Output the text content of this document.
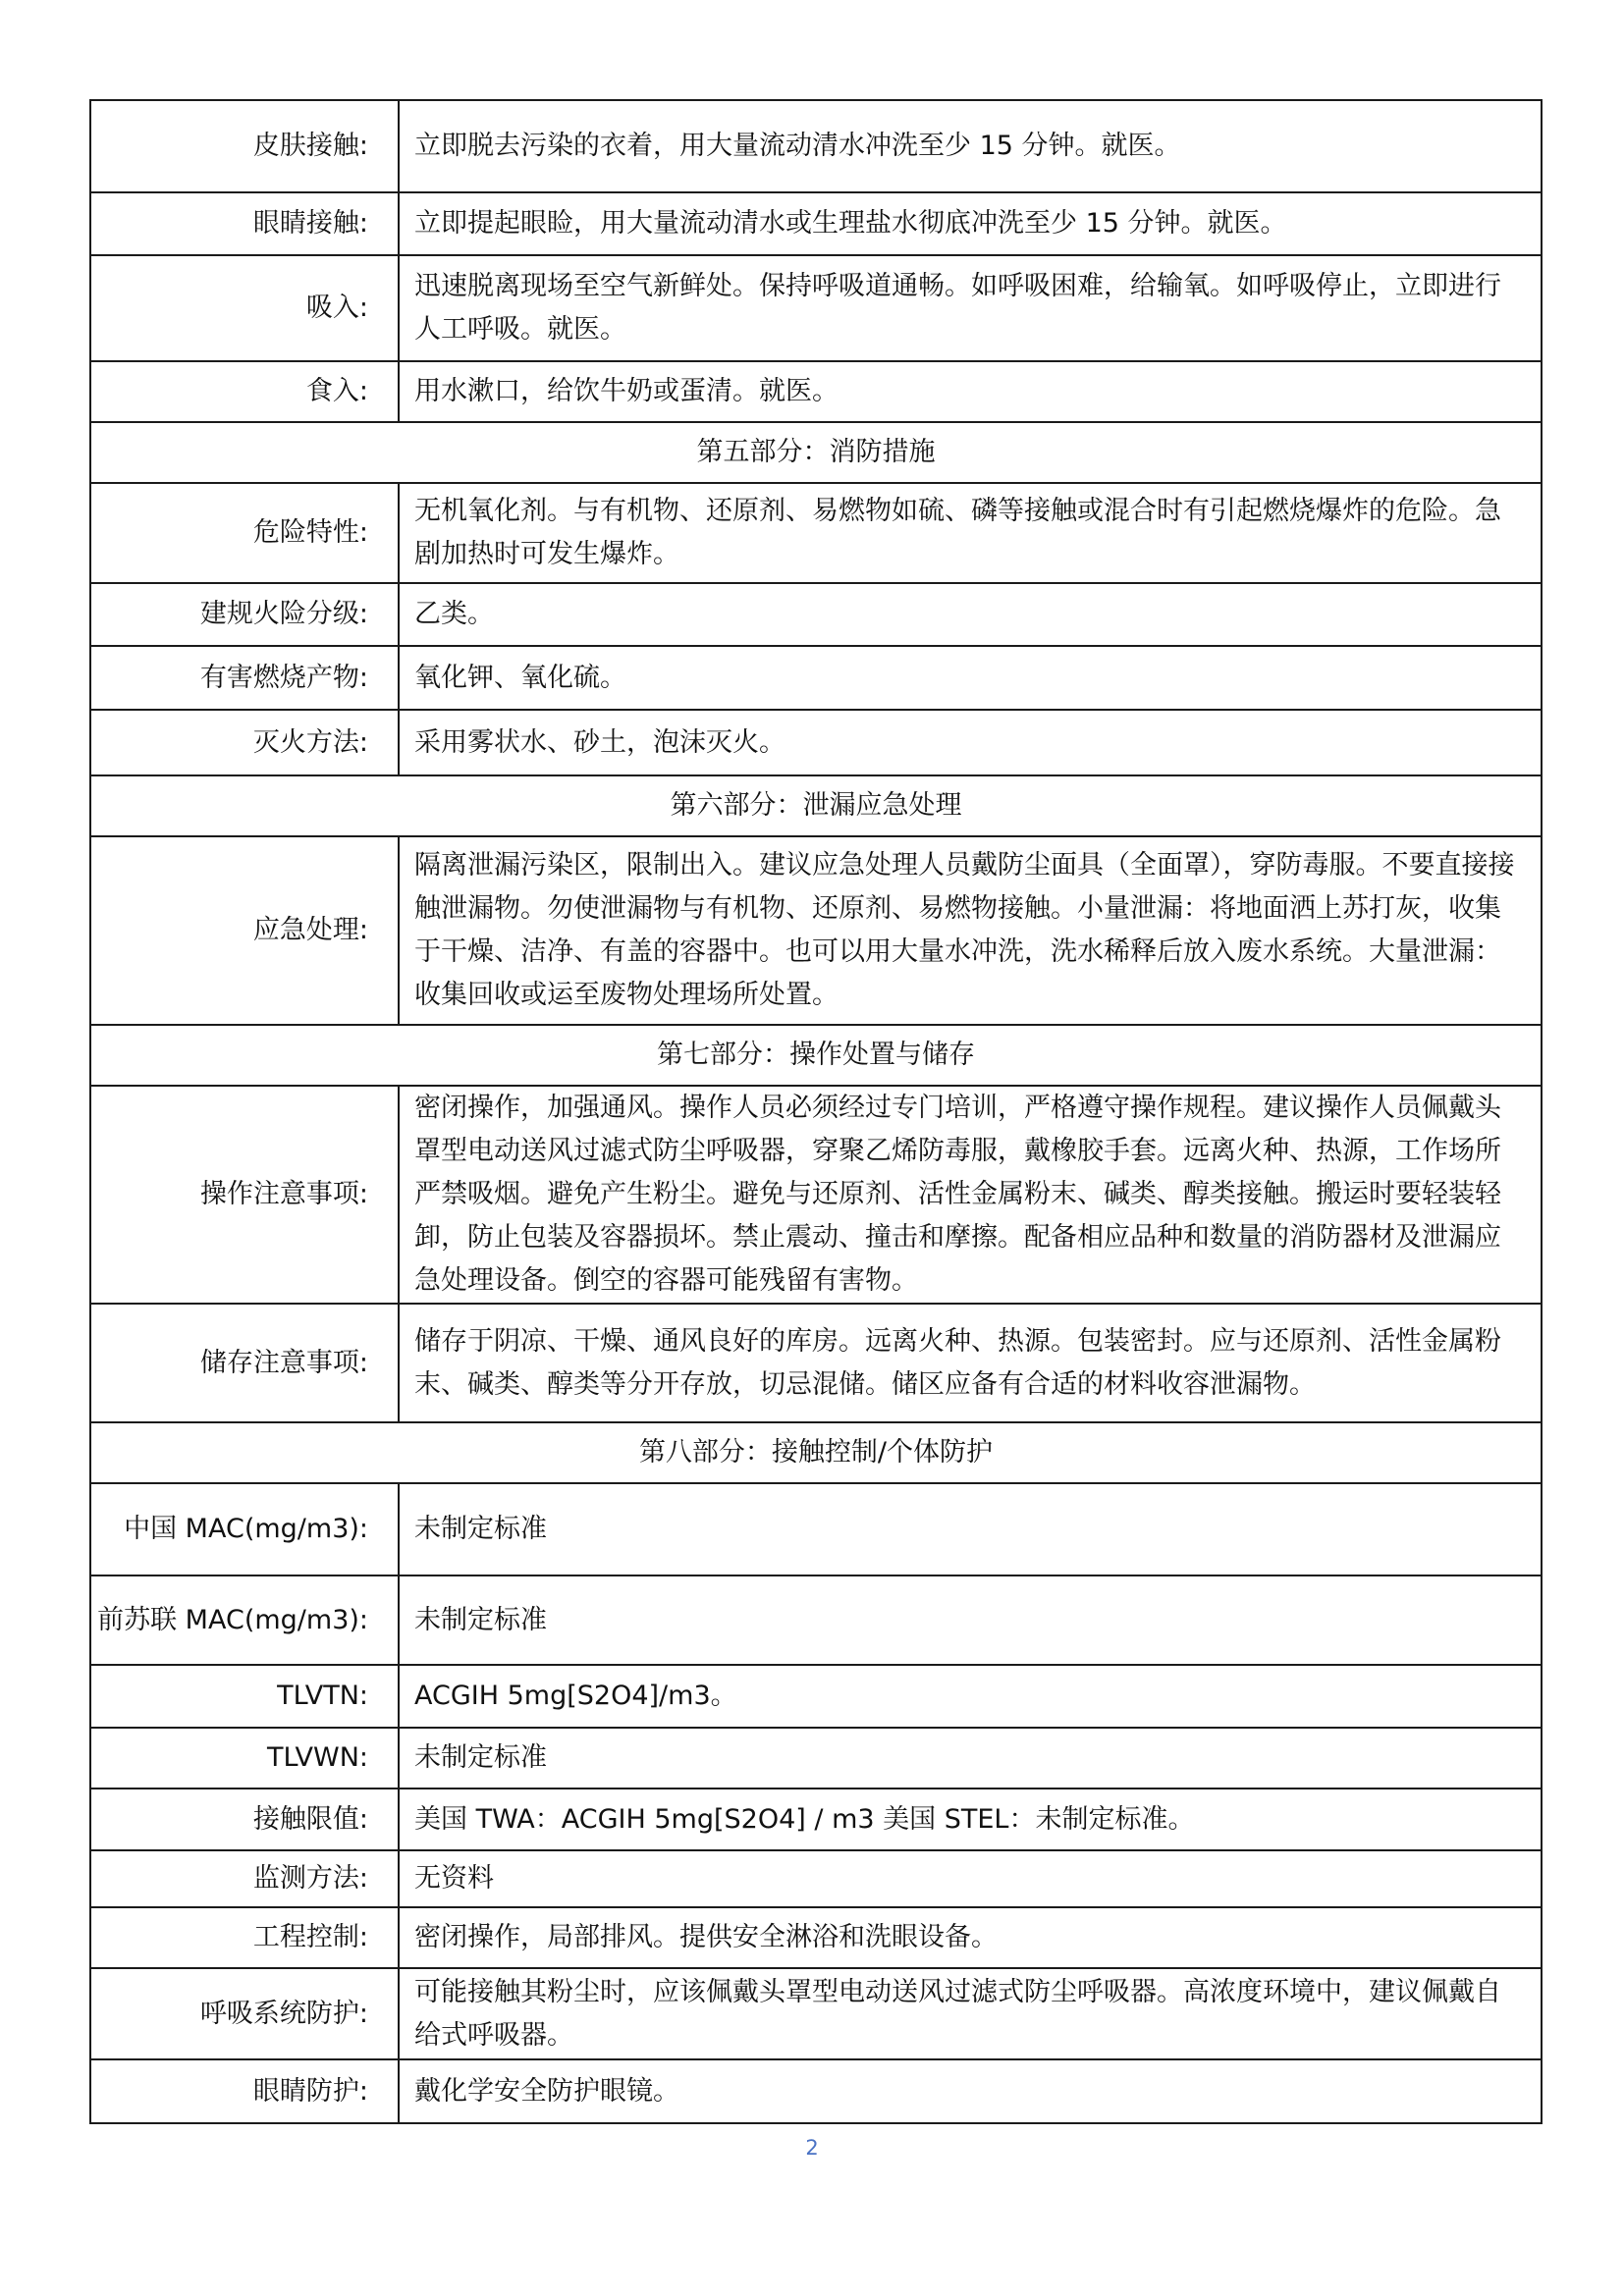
皮肤接触:	立即脱去污染的衣着，用大量流动清水冲洗至少 15 分钟。就医。

眼睛接触:	立即提起眼睑，用大量流动清水或生理盐水彻底冲洗至少 15 分钟。就医。

吸入:	迅速脱离现场至空气新鲜处。保持呼吸道通畅。如呼吸困难，给输氧。如呼吸停止，立即进行人工呼吸。就医。

食入:	用水漱口，给饮牛奶或蛋清。就医。

第五部分：消防措施	

危险特性:	无机氧化剂。与有机物、还原剂、易燃物如硫、磷等接触或混合时有引起燃烧爆炸的危险。急剧加热时可发生爆炸。

建规火险分级:	乙类。

有害燃烧产物:	氧化钾、氧化硫。

灭火方法:	采用雾状水、砂土，泡沫灭火。

第六部分：泄漏应急处理	

应急处理:	隔离泄漏污染区，限制出入。建议应急处理人员戴防尘面具（全面罩），穿防毒服。不要直接接触泄漏物。勿使泄漏物与有机物、还原剂、易燃物接触。小量泄漏：将地面洒上苏打灰，收集于干燥、洁净、有盖的容器中。也可以用大量水冲洗，洗水稀释后放入废水系统。大量泄漏：收集回收或运至废物处理场所处置。

第七部分：操作处置与储存	

操作注意事项:	密闭操作，加强通风。操作人员必须经过专门培训，严格遵守操作规程。建议操作人员佩戴头罩型电动送风过滤式防尘呼吸器，穿聚乙烯防毒服，戴橡胶手套。远离火种、热源，工作场所严禁吸烟。避免产生粉尘。避免与还原剂、活性金属粉末、碱类、醇类接触。搬运时要轻装轻卸，防止包装及容器损坏。禁止震动、撞击和摩擦。配备相应品种和数量的消防器材及泄漏应急处理设备。倒空的容器可能残留有害物。

储存注意事项:	储存于阴凉、干燥、通风良好的库房。远离火种、热源。包装密封。应与还原剂、活性金属粉末、碱类、醇类等分开存放，切忌混储。储区应备有合适的材料收容泄漏物。

第八部分：接触控制/个体防护	

中国 MAC(mg/m3):	未制定标准

前苏联 MAC(mg/m3):	未制定标准

TLVTN:	ACGIH 5mg[S2O4]/m3。

TLVWN:	未制定标准

接触限值:	美国 TWA：ACGIH 5mg[S2O4] / m3 美国 STEL：未制定标准。

监测方法:	无资料

工程控制:	密闭操作，局部排风。提供安全淋浴和洗眼设备。

呼吸系统防护:	可能接触其粉尘时，应该佩戴头罩型电动送风过滤式防尘呼吸器。高浓度环境中，建议佩戴自给式呼吸器。

眼睛防护:	戴化学安全防护眼镜。
2
